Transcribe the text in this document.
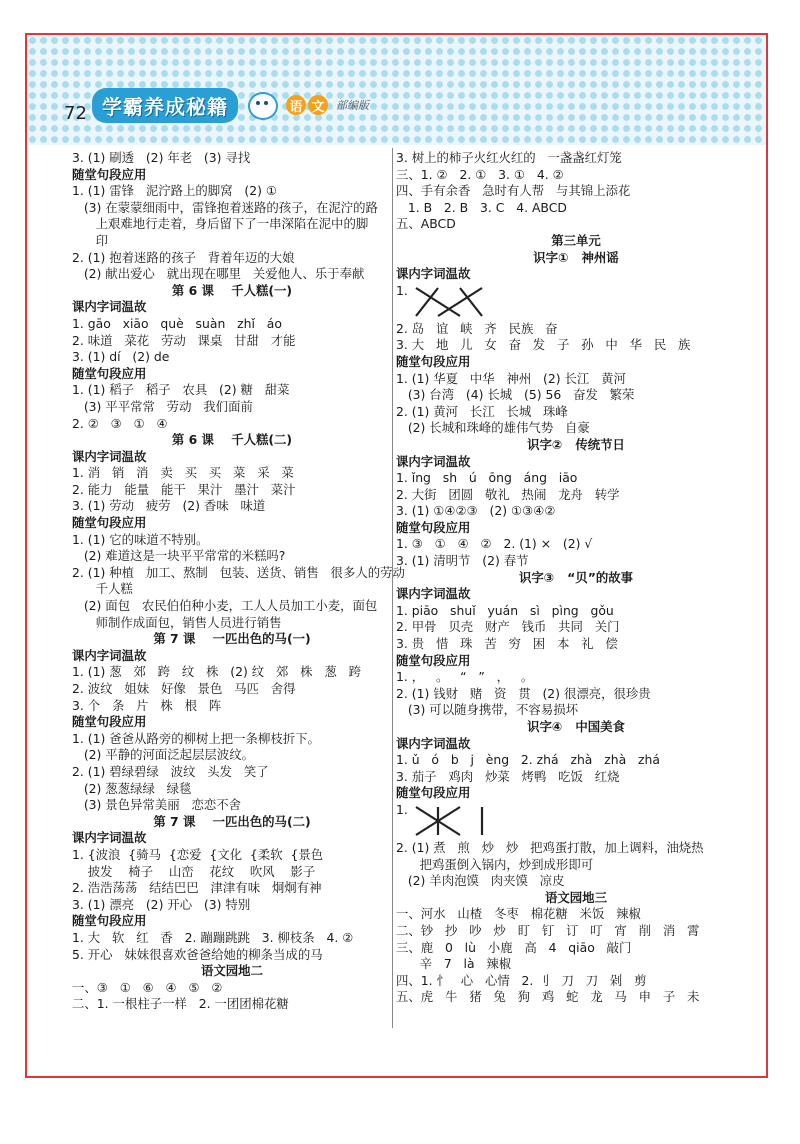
72 学霸养成秘籍	语 文	部编版
3. (1) 刷透   (2) 年老   (3) 寻找
随堂句段应用
1. (1) 雷锋   泥泞路上的脚窝   (2) ①
(3) 在蒙蒙细雨中，雷锋抱着迷路的孩子，在泥泞的路
上艰难地行走着，身后留下了一串深陷在泥中的脚
印
2. (1) 抱着迷路的孩子   背着年迈的大娘
(2) 献出爱心   就出现在哪里   关爱他人、乐于奉献
第 6 课    千人糕(一)
课内字词温故
1. gāo   xiāo   què   suàn   zhǐ   áo
2. 味道   菜花   劳动   课桌   甘甜   才能
3. (1) dí   (2) de
随堂句段应用
1. (1) 稻子   稻子   农具   (2) 糖   甜菜
(3) 平平常常   劳动   我们面前
2. ②   ③   ①   ④
第 6 课    千人糕(二)
课内字词温故
1. 消   销   消   卖   买   买   菜   采   菜
2. 能力   能量   能干   果汁   墨汁   菜汁
3. (1) 劳动   疲劳   (2) 香味   味道
随堂句段应用
1. (1) 它的味道不特别。
(2) 难道这是一块平平常常的米糕吗?
2. (1) 种植   加工、熬制   包装、送货、销售   很多人的劳动
千人糕
(2) 面包   农民伯伯种小麦，工人人员加工小麦，面包
师制作成面包，销售人员进行销售
第 7 课    一匹出色的马(一)
课内字词温故
1. (1) 葱   郊   跨   纹   株   (2) 纹   郊   株   葱   跨
2. 波纹   姐妹   好像   景色   马匹   舍得
3. 个   条   片   株   根   阵
随堂句段应用
1. (1) 爸爸从路旁的柳树上把一条柳枝折下。
(2) 平静的河面泛起层层波纹。
2. (1) 碧绿碧绿   波纹   头发   笑了
(2) 葱葱绿绿   绿毯
(3) 景色异常美丽   恋恋不舍
第 7 课    一匹出色的马(二)
课内字词温故
1. {波浪  {骑马  {恋爱  {文化  {柔软  {景色
披发    椅子    山峦    花纹    吹风    影子
2. 浩浩荡荡   结结巴巴   津津有味   炯炯有神
3. (1) 漂亮   (2) 开心   (3) 特别
随堂句段应用
1. 大   软   红   香   2. 蹦蹦跳跳   3. 柳枝条   4. ②
5. 开心   妹妹很喜欢爸爸给她的柳条当成的马
语文园地二
一、③   ①   ⑥   ④   ⑤   ②
二、1. 一根柱子一样   2. 一团团棉花糖
3. 树上的柿子火红火红的   一盏盏红灯笼
三、1. ②   2. ①   3. ①   4. ②
四、手有余香   急时有人帮   与其锦上添花
1. B   2. B   3. C   4. ABCD
五、ABCD
第三单元
识字①   神州谣
课内字词温故
1.
2. 岛   谊   峡   齐   民族   奋
3. 大   地   儿   女   奋   发   子   孙   中   华   民   族
随堂句段应用
1. (1) 华夏   中华   神州   (2) 长江   黄河
(3) 台湾   (4) 长城   (5) 56   奋发   繁荣
2. (1) 黄河   长江   长城   珠峰
(2) 长城和珠峰的雄伟气势   自豪
识字②   传统节日
课内字词温故
1. ǐng   sh   ú   ōng   áng   iāo
2. 大街   团圆   敬礼   热闹   龙舟   转学
3. (1) ①④②③   (2) ①③④②
随堂句段应用
1. ③   ①   ④   ②   2. (1) ×   (2) √
3. (1) 清明节   (2) 春节
识字③   “贝”的故事
课内字词温故
1. piāo   shuǐ   yuán   sì   pìng   gǒu
2. 甲骨   贝壳   财产   钱币   共同   关门
3. 贵   惜   珠   苦   穷   困   本   礼   偿
随堂句段应用
1. ，   。   “   ”   ，   。
2. (1) 钱财   赌   资   贯   (2) 很漂亮，很珍贵
(3) 可以随身携带，不容易损坏
识字④   中国美食
课内字词温故
1. ǔ   ó   b   j   èng   2. zhá   zhà   zhà   zhá
3. 茄子   鸡肉   炒菜   烤鸭   吃饭   红烧
随堂句段应用
1.
2. (1) 煮   煎   炒   炒   把鸡蛋打散，加上调料，油烧热
把鸡蛋倒入锅内，炒到成形即可
(2) 羊肉泡馍   肉夹馍   凉皮
语文园地三
一、河水   山楂   冬枣   棉花糖   米饭   辣椒
二、钞   抄   吵   炒   盯   钉   订   叮   宵   削   消   霄
三、鹿   0   lù   小鹿   高   4   qiāo   敲门
辛   7   là   辣椒
四、1. 忄   心   心情   2. 刂   刀   刀   剁   剪
五、虎   牛   猪   兔   狗   鸡   蛇   龙   马   申   子   未
